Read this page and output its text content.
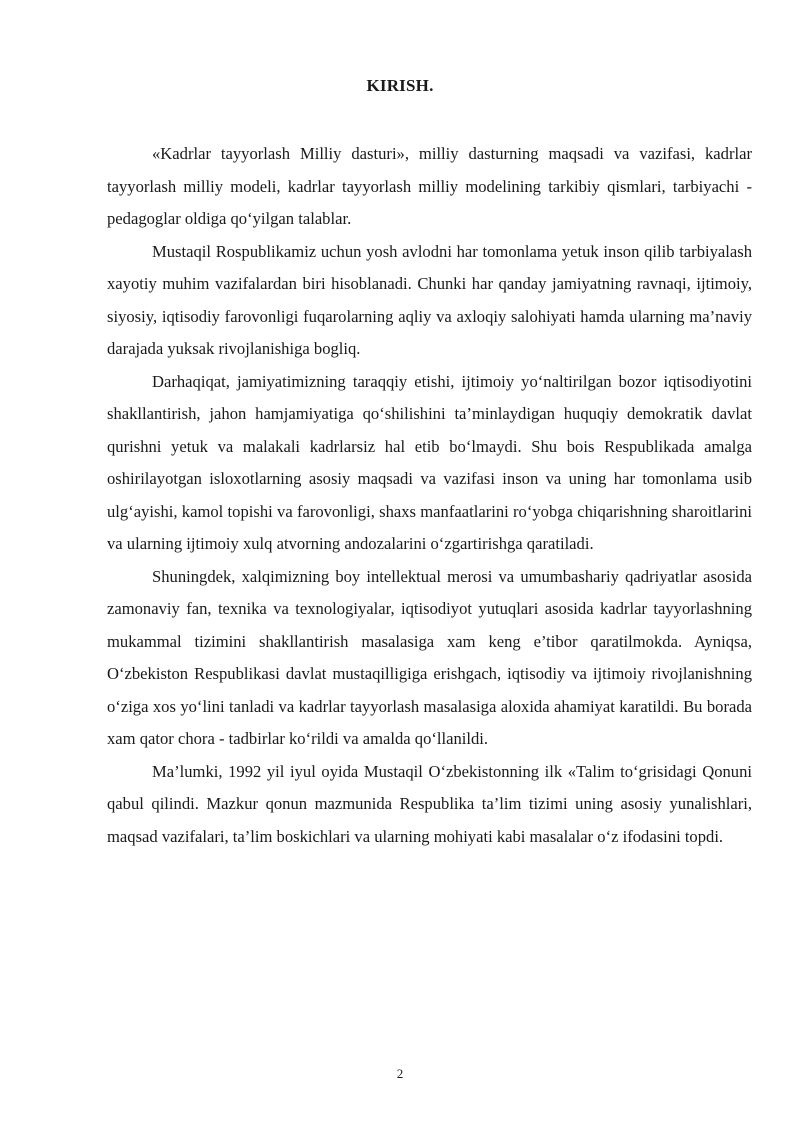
KIRISH.

«Kadrlar tayyorlash Milliy dasturi», milliy dasturning maqsadi va vazifasi, kadrlar tayyorlash milliy modeli, kadrlar tayyorlash milliy modelining tarkibiy qismlari, tarbiyachi - pedagoglar oldiga qo‘yilgan talablar.

Mustaqil Rospublikamiz uchun yosh avlodni har tomonlama yetuk inson qilib tarbiyalash xayotiy muhim vazifalardan biri hisoblanadi. Chunki har qanday jamiyatning ravnaqi, ijtimoiy, siyosiy, iqtisodiy farovonligi fuqarolarning aqliy va axloqiy salohiyati hamda ularning ma’naviy darajada yuksak rivojlanishiga bogliq.

Darhaqiqat, jamiyatimizning taraqqiy etishi, ijtimoiy yo‘naltirilgan bozor iqtisodiyotini shakllantirish, jahon hamjamiyatiga qo‘shilishini ta’minlaydigan huquqiy demokratik davlat qurishni yetuk va malakali kadrlarsiz hal etib bo‘lmaydi. Shu bois Respublikada amalga oshirilayotgan isloxotlarning asosiy maqsadi va vazifasi inson va uning har tomonlama usib ulg‘ayishi, kamol topishi va farovonligi, shaxs manfaatlarini ro‘yobga chiqarishning sharoitlarini va ularning ijtimoiy xulq atvorning andozalarini o‘zgartirishga qaratiladi.

Shuningdek, xalqimizning boy intellektual merosi va umumbashariy qadriyatlar asosida zamonaviy fan, texnika va texnologiyalar, iqtisodiyot yutuqlari asosida kadrlar tayyorlashning mukammal tizimini shakllantirish masalasiga xam keng e’tibor qaratilmokda. Ayniqsa, O‘zbekiston Respublikasi davlat mustaqilligiga erishgach, iqtisodiy va ijtimoiy rivojlanishning o‘ziga xos yo‘lini tanladi va kadrlar tayyorlash masalasiga aloxida ahamiyat karatildi. Bu borada xam qator chora - tadbirlar ko‘rildi va amalda qo‘llanildi.

Ma’lumki, 1992 yil iyul oyida Mustaqil O‘zbekistonning ilk «Talim to‘grisidagi Qonuni qabul qilindi. Mazkur qonun mazmunida Respublika ta’lim tizimi uning asosiy yunalishlari, maqsad vazifalari, ta’lim boskichlari va ularning mohiyati kabi masalalar o‘z ifodasini topdi.

2
